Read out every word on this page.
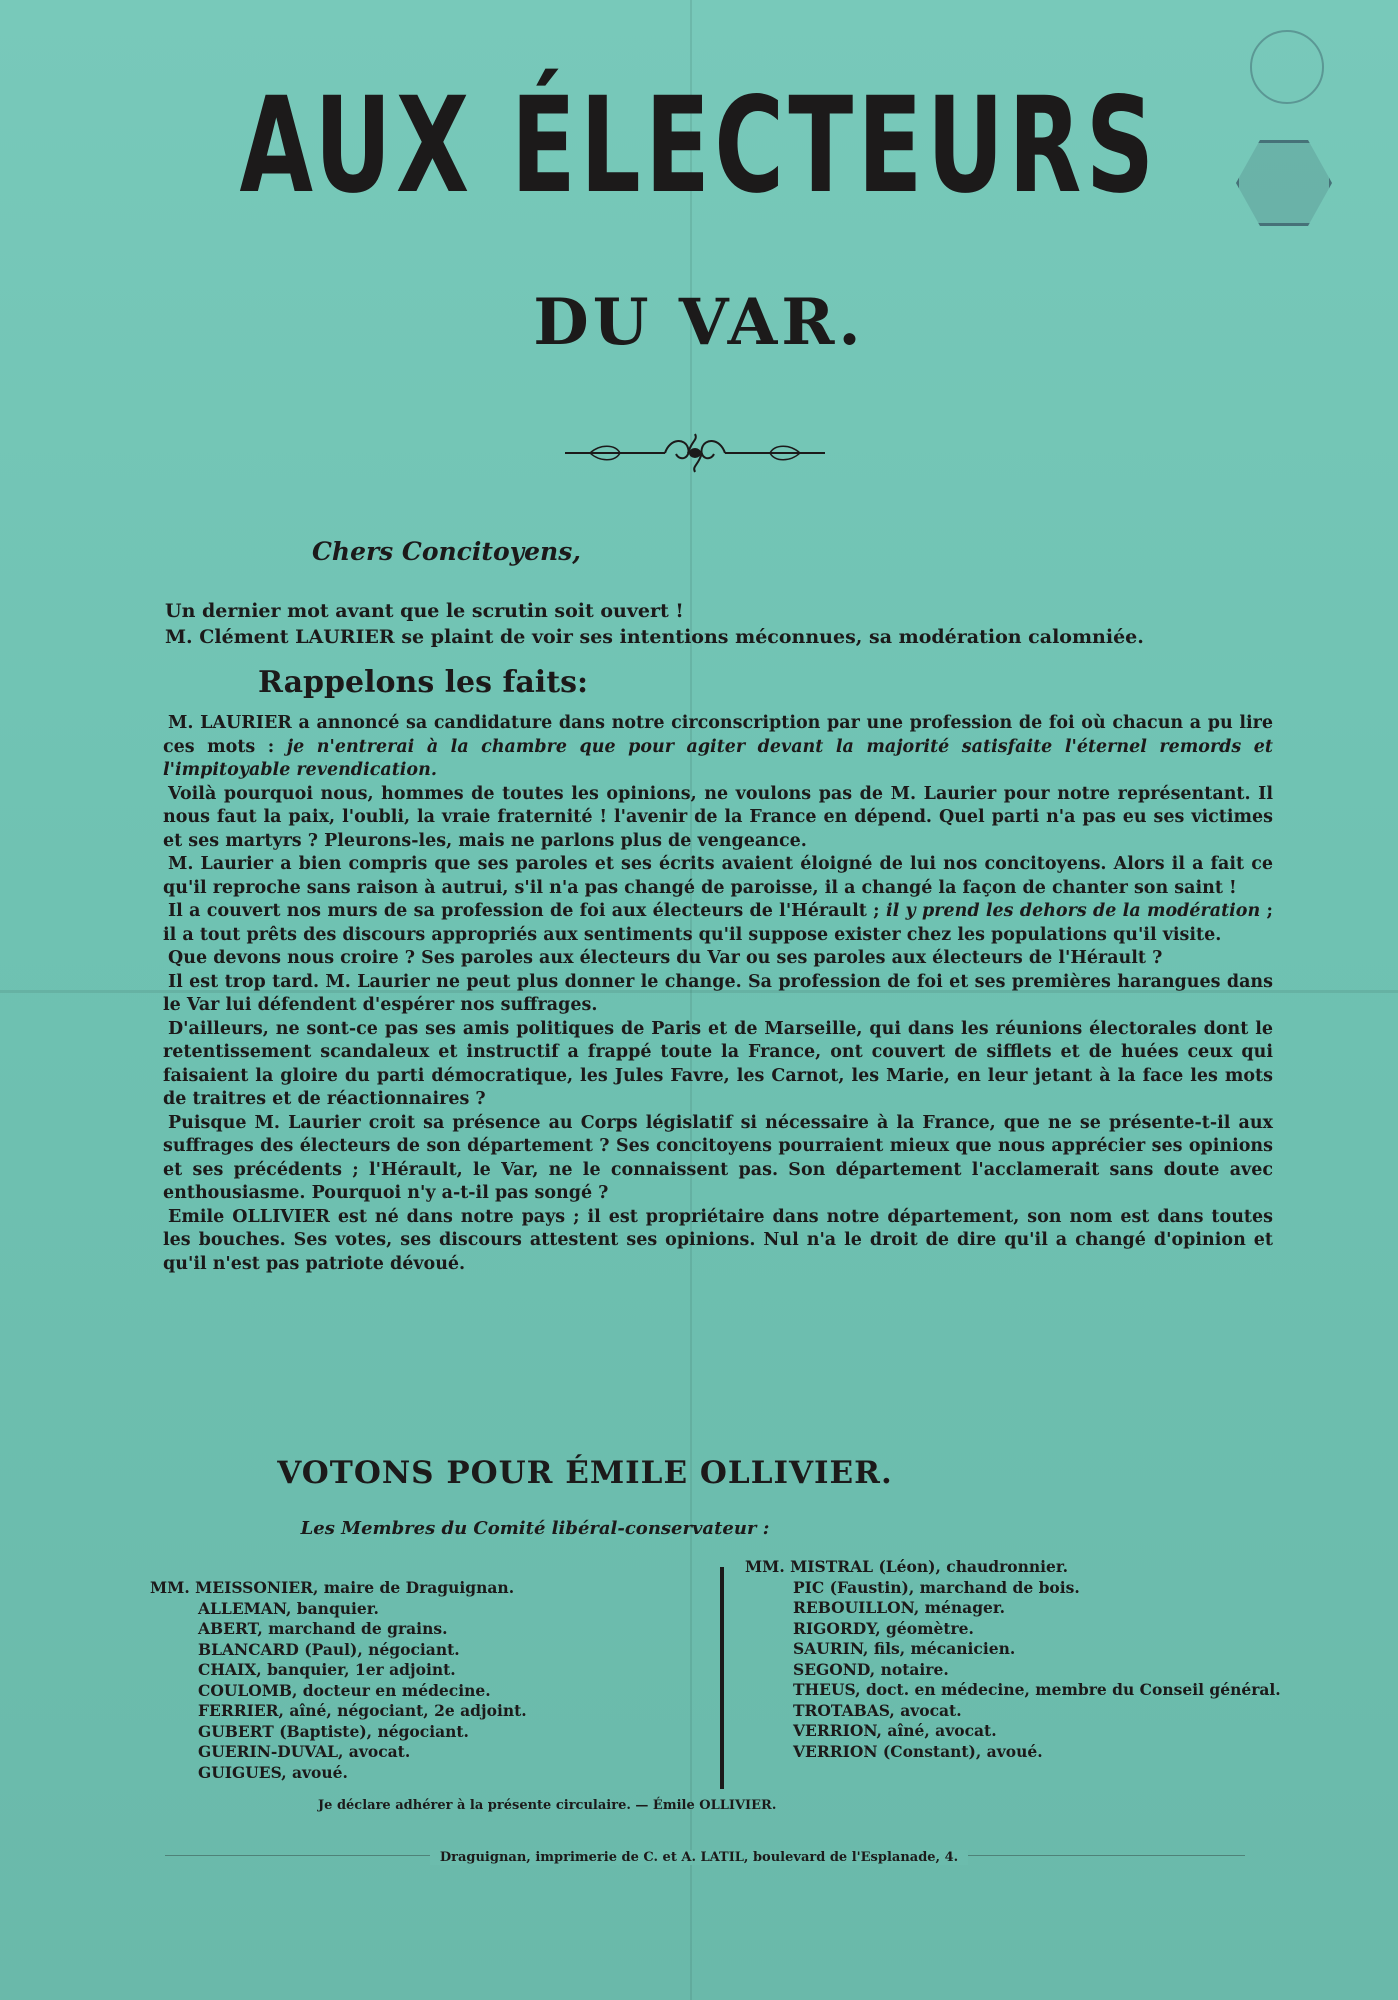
AUX ÉLECTEURS
DU VAR.
Chers Concitoyens,

Un dernier mot avant que le scrutin soit ouvert !

M. Clément LAURIER se plaint de voir ses intentions méconnues, sa modération calomniée.

Rappelons les faits:

M. LAURIER a annoncé sa candidature dans notre circonscription par une profession de foi où chacun a pu lire ces mots : je n'entrerai à la chambre que pour agiter devant la majorité satisfaite l'éternel remords et l'impitoyable revendication.

Voilà pourquoi nous, hommes de toutes les opinions, ne voulons pas de M. Laurier pour notre représentant. Il nous faut la paix, l'oubli, la vraie fraternité ! l'avenir de la France en dépend. Quel parti n'a pas eu ses victimes et ses martyrs ? Pleurons-les, mais ne parlons plus de vengeance.

M. Laurier a bien compris que ses paroles et ses écrits avaient éloigné de lui nos concitoyens. Alors il a fait ce qu'il reproche sans raison à autrui, s'il n'a pas changé de paroisse, il a changé la façon de chanter son saint !

Il a couvert nos murs de sa profession de foi aux électeurs de l'Hérault ; il y prend les dehors de la modération ; il a tout prêts des discours appropriés aux sentiments qu'il suppose exister chez les populations qu'il visite.

Que devons nous croire ? Ses paroles aux électeurs du Var ou ses paroles aux électeurs de l'Hérault ?

Il est trop tard. M. Laurier ne peut plus donner le change. Sa profession de foi et ses premières harangues dans le Var lui défendent d'espérer nos suffrages.

D'ailleurs, ne sont-ce pas ses amis politiques de Paris et de Marseille, qui dans les réunions électorales dont le retentissement scandaleux et instructif a frappé toute la France, ont couvert de sifflets et de huées ceux qui faisaient la gloire du parti démocratique, les Jules Favre, les Carnot, les Marie, en leur jetant à la face les mots de traitres et de réactionnaires ?

Puisque M. Laurier croit sa présence au Corps législatif si nécessaire à la France, que ne se présente-t-il aux suffrages des électeurs de son département ? Ses concitoyens pourraient mieux que nous apprécier ses opinions et ses précédents ; l'Hérault, le Var, ne le connaissent pas. Son département l'acclamerait sans doute avec enthousiasme. Pourquoi n'y a-t-il pas songé ?

Emile OLLIVIER est né dans notre pays ; il est propriétaire dans notre département, son nom est dans toutes les bouches. Ses votes, ses discours attestent ses opinions. Nul n'a le droit de dire qu'il a changé d'opinion et qu'il n'est pas patriote dévoué.

VOTONS POUR ÉMILE OLLIVIER.
Les Membres du Comité libéral-conservateur :
MM. MEISSONIER, maire de Draguignan.
ALLEMAN, banquier.
ABERT, marchand de grains.
BLANCARD (Paul), négociant.
CHAIX, banquier, 1er adjoint.
COULOMB, docteur en médecine.
FERRIER, aîné, négociant, 2e adjoint.
GUBERT (Baptiste), négociant.
GUERIN-DUVAL, avocat.
GUIGUES, avoué.
MM. MISTRAL (Léon), chaudronnier.
PIC (Faustin), marchand de bois.
REBOUILLON, ménager.
RIGORDY, géomètre.
SAURIN, fils, mécanicien.
SEGOND, notaire.
THEUS, doct. en médecine, membre du Conseil général.
TROTABAS, avocat.
VERRION, aîné, avocat.
VERRION (Constant), avoué.
Je déclare adhérer à la présente circulaire. — Émile OLLIVIER.
Draguignan, imprimerie de C. et A. LATIL, boulevard de l'Esplanade, 4.
